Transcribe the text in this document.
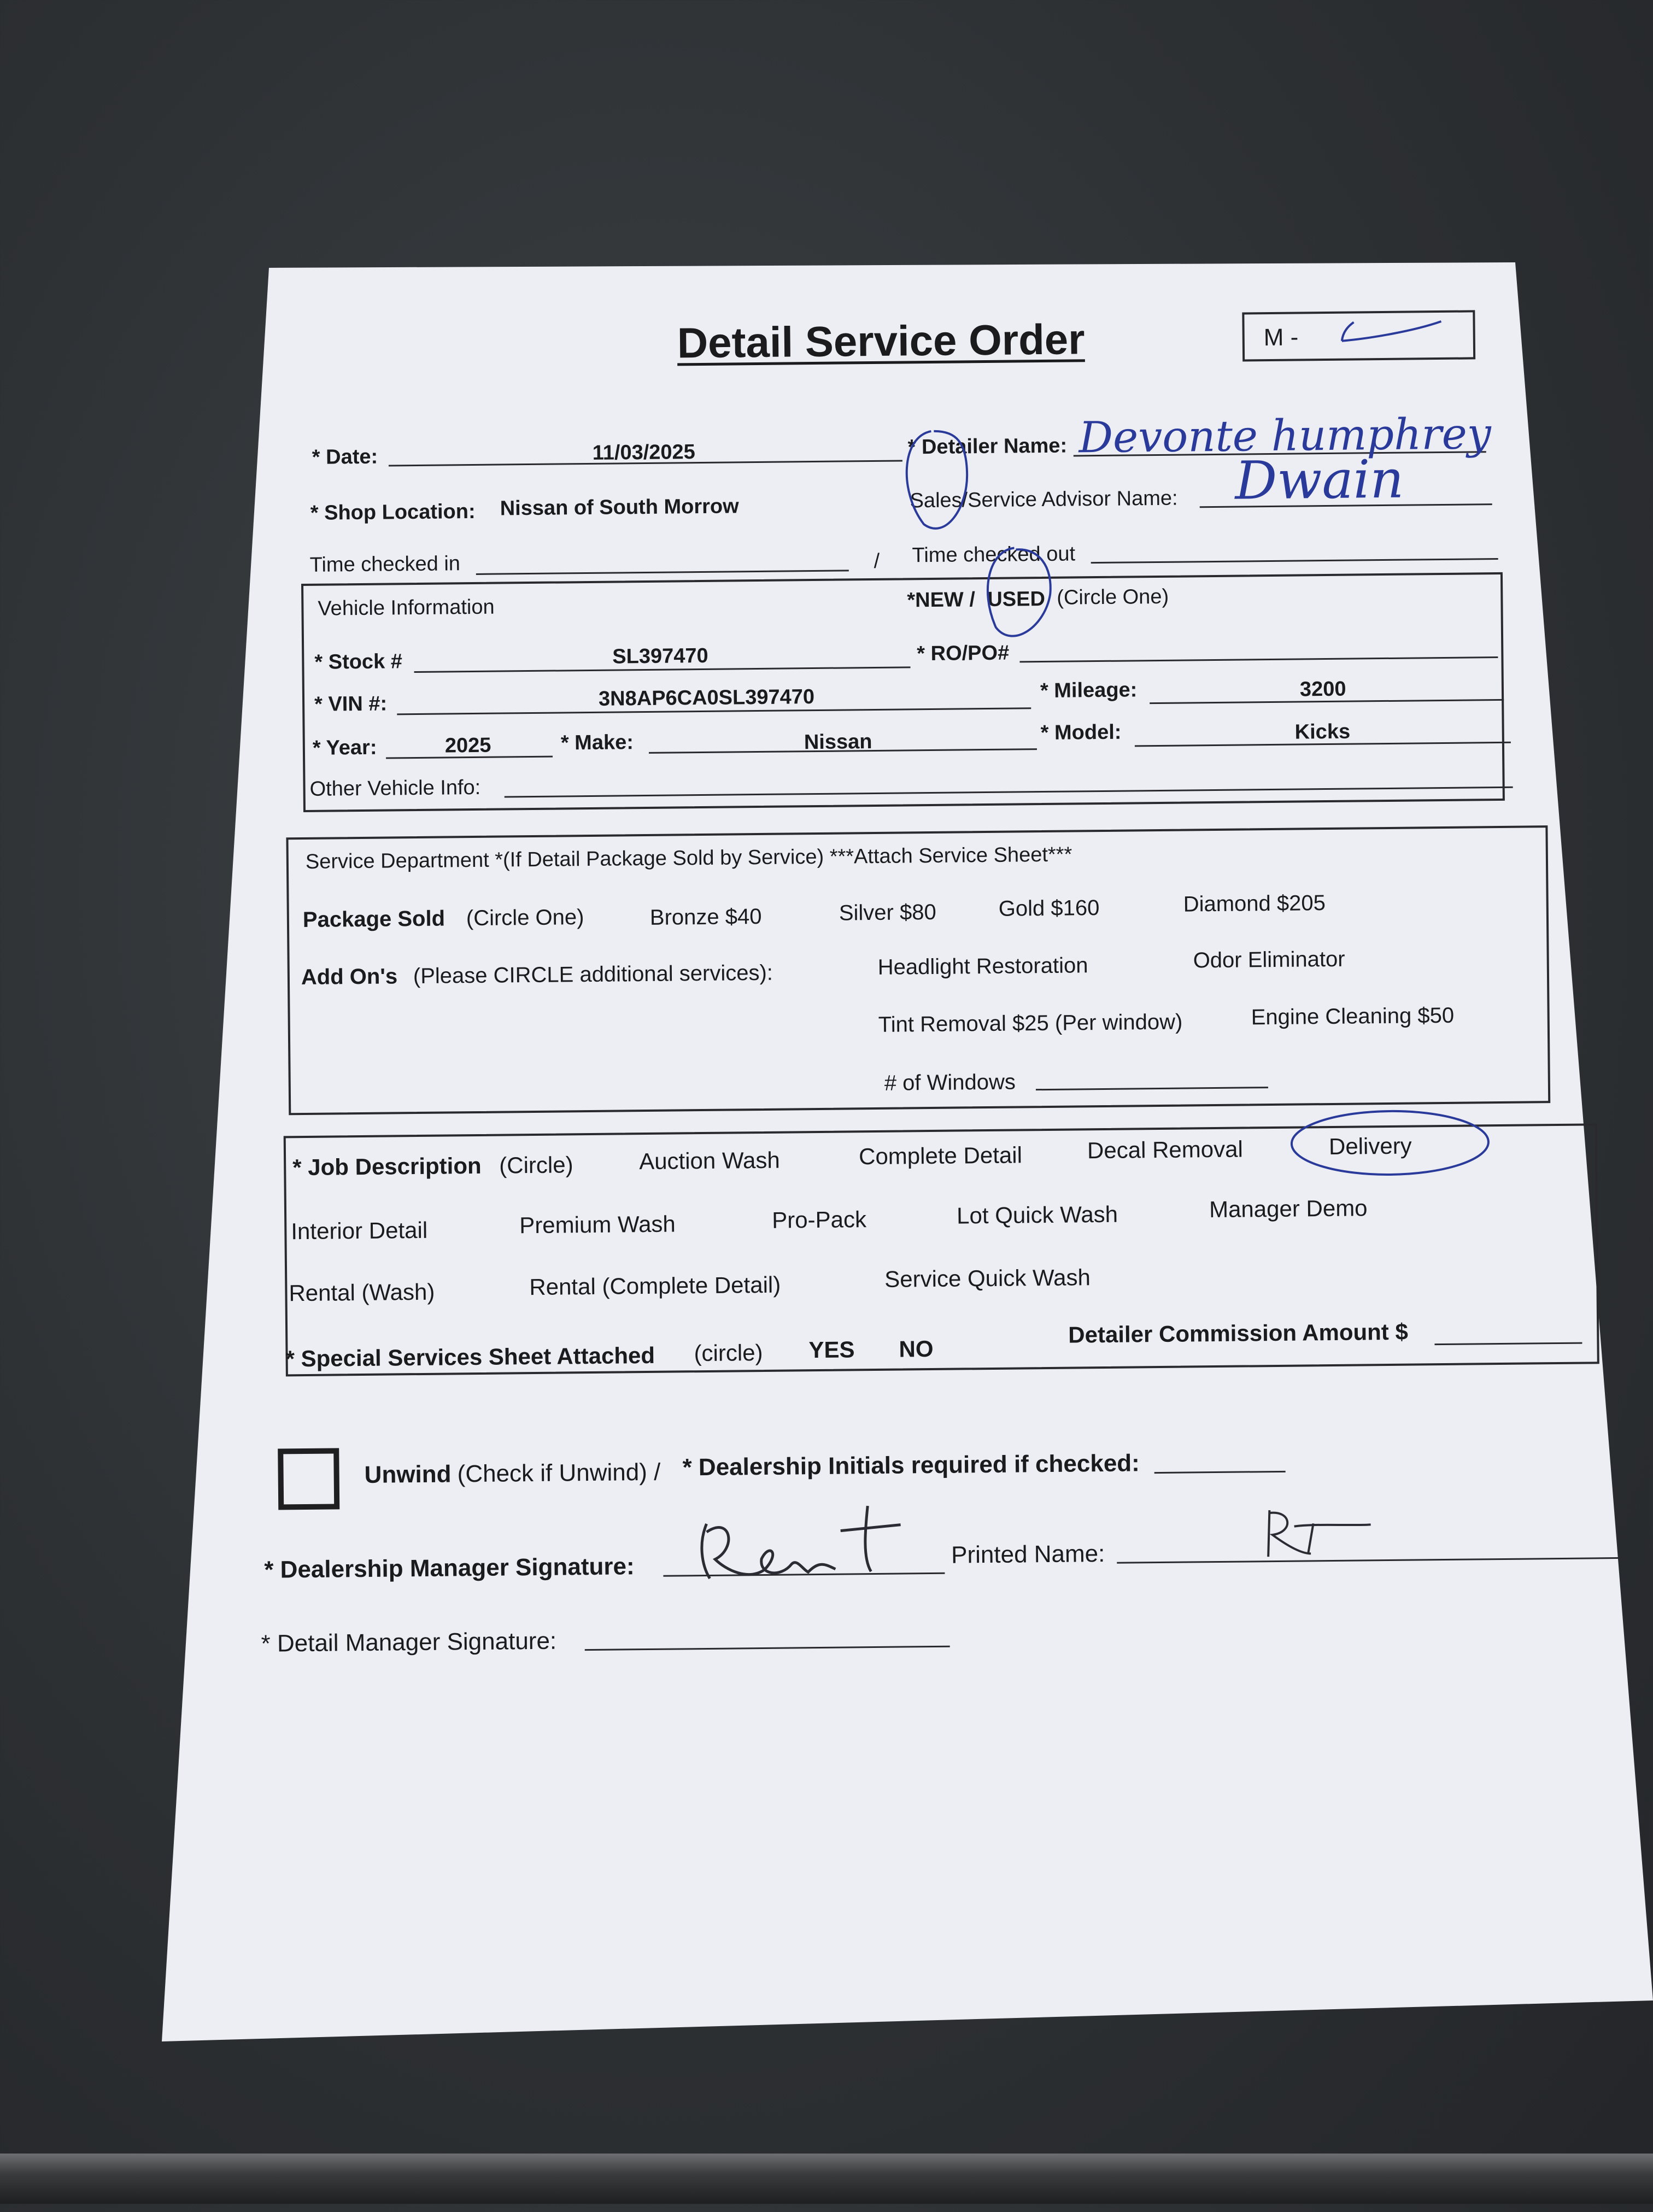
Detail Service Order	M -
* Date:	11/03/2025	* Detailer Name: Devonte humphrey
* Shop Location: Nissan of South Morrow	Sales/Service Advisor Name: Dwain
Time checked in	/ Time checked out
Vehicle Information	*NEW / USED (Circle One)
* Stock #	SL397470	* RO/PO#
* VIN #:	3N8AP6CA0SL397470	* Mileage:	3200
* Year:	2025	* Make:	Nissan	* Model:	Kicks
Other Vehicle Info:
Service Department *(If Detail Package Sold by Service) ***Attach Service Sheet***
Package Sold (Circle One)	Bronze $40	Silver $80	Gold $160	Diamond $205
Add On's (Please CIRCLE additional services):	Headlight Restoration	Odor Eliminator
Tint Removal $25 (Per window)	Engine Cleaning $50
# of Windows
* Job Description (Circle)	Auction Wash	Complete Detail	Decal Removal	Delivery
Interior Detail	Premium Wash	Pro-Pack	Lot Quick Wash	Manager Demo
Rental (Wash)	Rental (Complete Detail)	Service Quick Wash
* Special Services Sheet Attached (circle) YES NO
Detailer Commission Amount $
Unwind (Check if Unwind) / * Dealership Initials required if checked:
* Dealership Manager Signature:	Printed Name:
* Detail Manager Signature:
